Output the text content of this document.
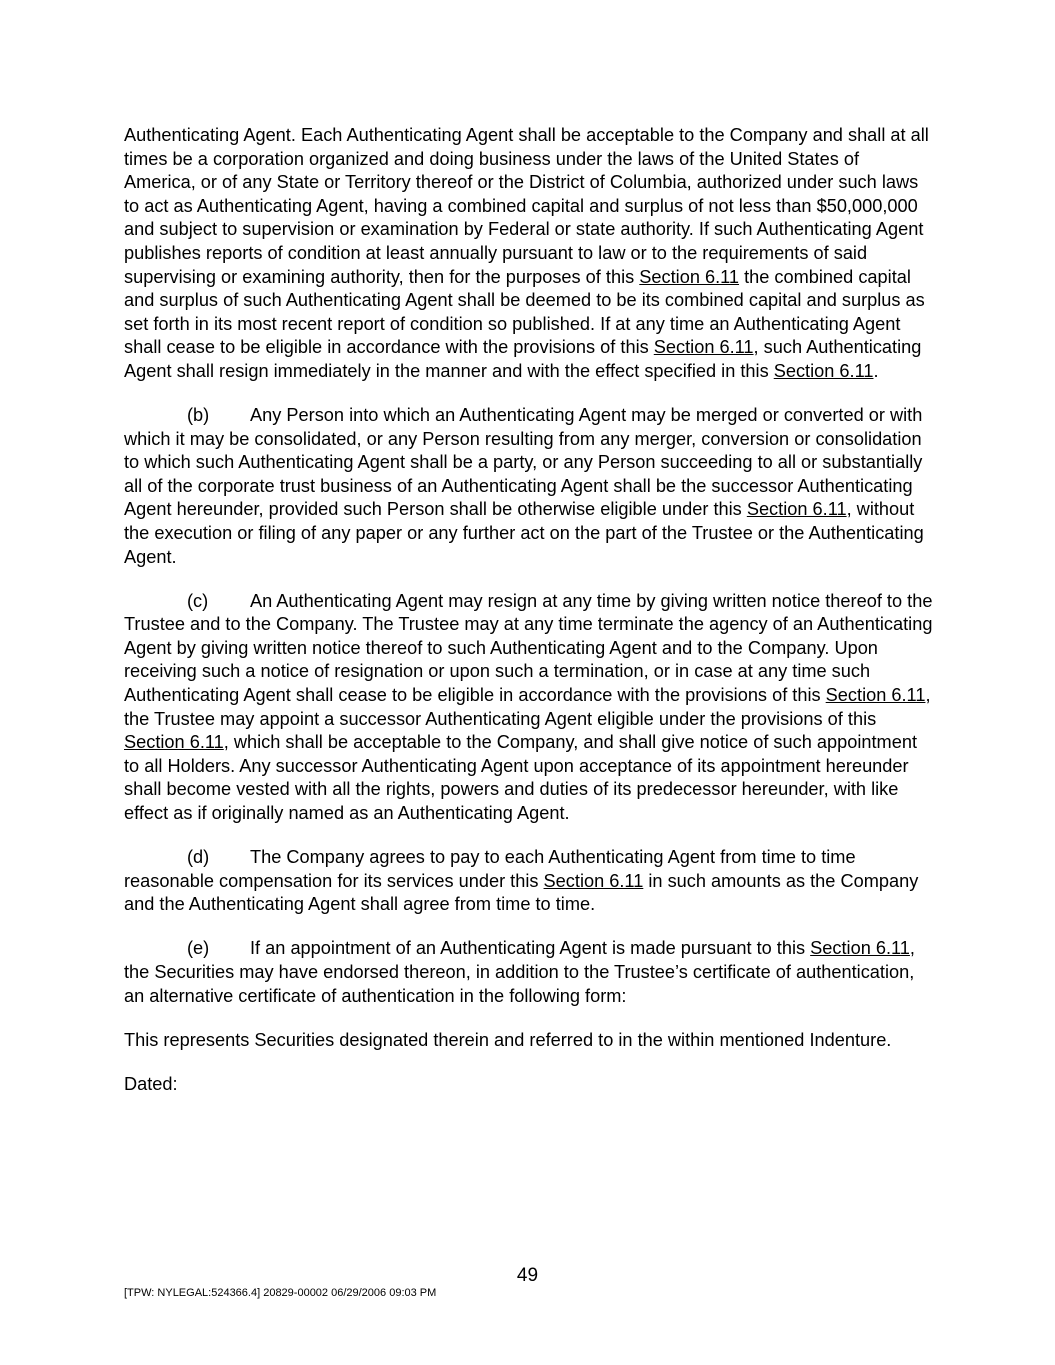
Authenticating Agent. Each Authenticating Agent shall be acceptable to the Company and shall at all times be a corporation organized and doing business under the laws of the United States of America, or of any State or Territory thereof or the District of Columbia, authorized under such laws to act as Authenticating Agent, having a combined capital and surplus of not less than $50,000,000 and subject to supervision or examination by Federal or state authority. If such Authenticating Agent publishes reports of condition at least annually pursuant to law or to the requirements of said supervising or examining authority, then for the purposes of this Section 6.11 the combined capital and surplus of such Authenticating Agent shall be deemed to be its combined capital and surplus as set forth in its most recent report of condition so published. If at any time an Authenticating Agent shall cease to be eligible in accordance with the provisions of this Section 6.11, such Authenticating Agent shall resign immediately in the manner and with the effect specified in this Section 6.11.

(b) Any Person into which an Authenticating Agent may be merged or converted or with which it may be consolidated, or any Person resulting from any merger, conversion or consolidation to which such Authenticating Agent shall be a party, or any Person succeeding to all or substantially all of the corporate trust business of an Authenticating Agent shall be the successor Authenticating Agent hereunder, provided such Person shall be otherwise eligible under this Section 6.11, without the execution or filing of any paper or any further act on the part of the Trustee or the Authenticating Agent.

(c) An Authenticating Agent may resign at any time by giving written notice thereof to the Trustee and to the Company. The Trustee may at any time terminate the agency of an Authenticating Agent by giving written notice thereof to such Authenticating Agent and to the Company. Upon receiving such a notice of resignation or upon such a termination, or in case at any time such Authenticating Agent shall cease to be eligible in accordance with the provisions of this Section 6.11, the Trustee may appoint a successor Authenticating Agent eligible under the provisions of this Section 6.11, which shall be acceptable to the Company, and shall give notice of such appointment to all Holders. Any successor Authenticating Agent upon acceptance of its appointment hereunder shall become vested with all the rights, powers and duties of its predecessor hereunder, with like effect as if originally named as an Authenticating Agent.

(d) The Company agrees to pay to each Authenticating Agent from time to time reasonable compensation for its services under this Section 6.11 in such amounts as the Company and the Authenticating Agent shall agree from time to time.

(e) If an appointment of an Authenticating Agent is made pursuant to this Section 6.11, the Securities may have endorsed thereon, in addition to the Trustee’s certificate of authentication, an alternative certificate of authentication in the following form:

This represents Securities designated therein and referred to in the within mentioned Indenture.

Dated:

49
[TPW: NYLEGAL:524366.4] 20829-00002 06/29/2006 09:03 PM
